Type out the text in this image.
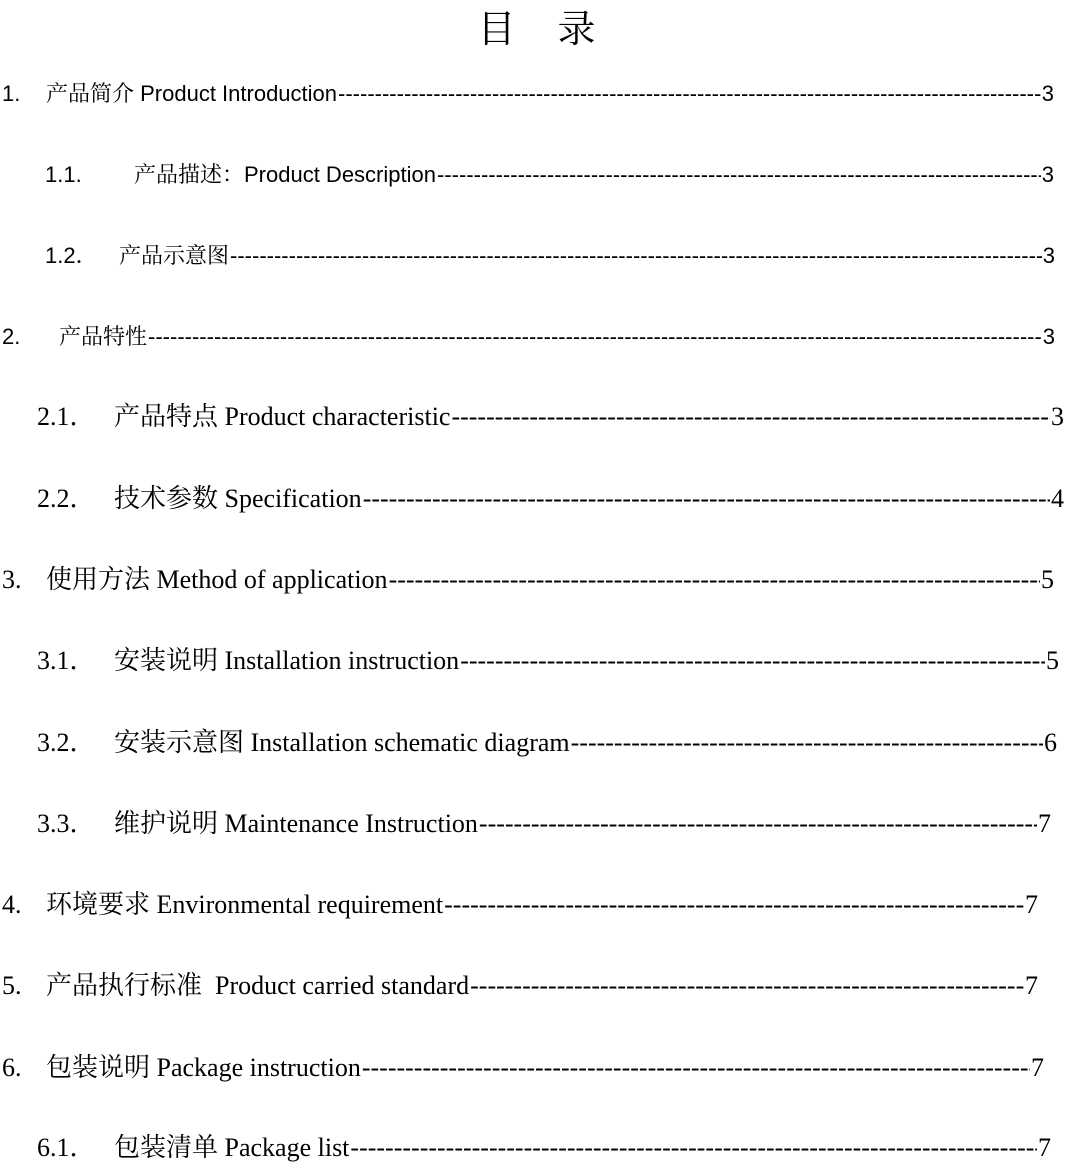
目 录
1.	产品简介 Product Introduction -----	3
1.1.	产品描述：Product Description -----	3
1.2． 产品示意图 -----	3
2.	产品特性 -----	3
2.1． 产品特点 Product characteristic -----	3
2.2． 技术参数 Specification -----	4
3. 使用方法 Method of application -----	5
3.1． 安装说明 Installation instruction -----	5
3.2． 安装示意图 Installation schematic diagram -----	6
3.3． 维护说明 Maintenance Instruction -----	7
4. 环境要求 Environmental requirement -----	7
5. 产品执行标准  Product carried standard -----	7
6. 包装说明 Package instruction -----	7
6.1． 包装清单 Package list -----	7
